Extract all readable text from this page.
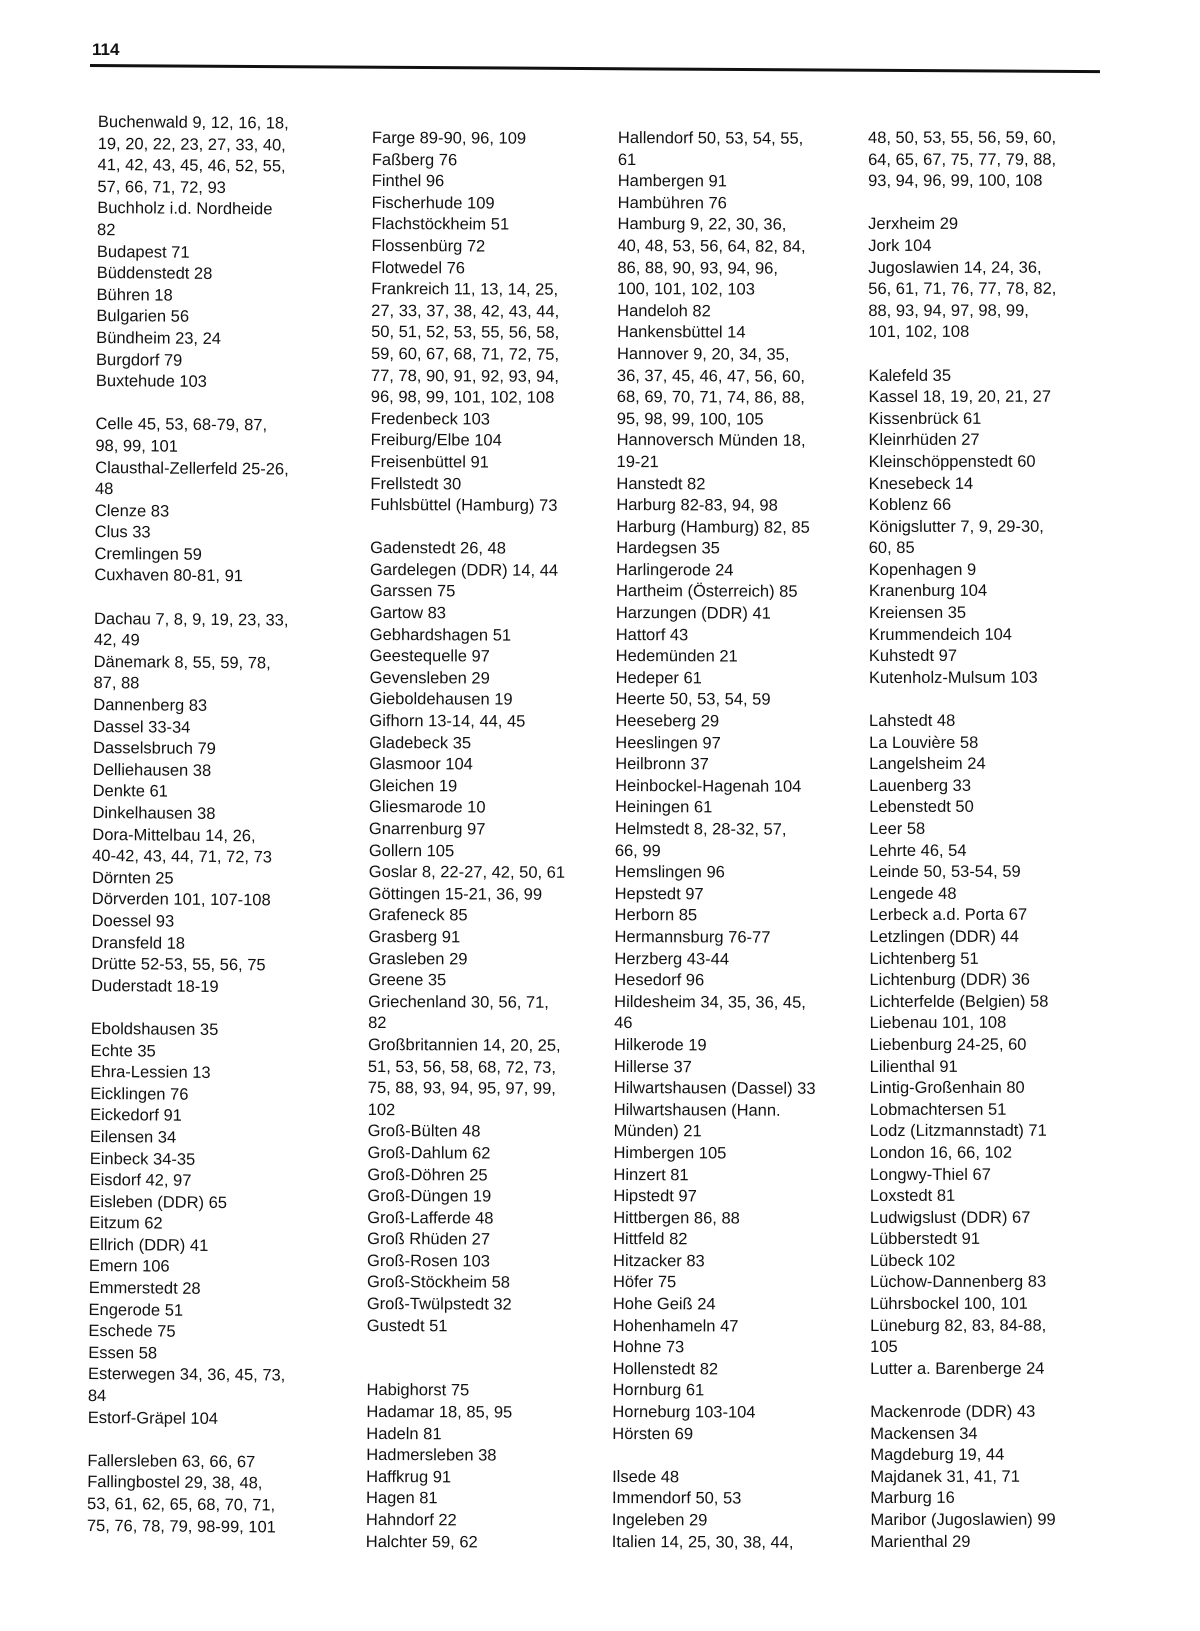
114
Buchenwald 9, 12, 16, 18,
19, 20, 22, 23, 27, 33, 40,
41, 42, 43, 45, 46, 52, 55,
57, 66, 71, 72, 93
Buchholz i.d. Nordheide
82
Budapest 71
Büddenstedt 28
Bühren 18
Bulgarien 56
Bündheim 23, 24
Burgdorf 79
Buxtehude 103
Celle 45, 53, 68-79, 87,
98, 99, 101
Clausthal-Zellerfeld 25-26,
48
Clenze 83
Clus 33
Cremlingen 59
Cuxhaven 80-81, 91
Dachau 7, 8, 9, 19, 23, 33,
42, 49
Dänemark 8, 55, 59, 78,
87, 88
Dannenberg 83
Dassel 33-34
Dasselsbruch 79
Delliehausen 38
Denkte 61
Dinkelhausen 38
Dora-Mittelbau 14, 26,
40-42, 43, 44, 71, 72, 73
Dörnten 25
Dörverden 101, 107-108
Doessel 93
Dransfeld 18
Drütte 52-53, 55, 56, 75
Duderstadt 18-19
Eboldshausen 35
Echte 35
Ehra-Lessien 13
Eicklingen 76
Eickedorf 91
Eilensen 34
Einbeck 34-35
Eisdorf 42, 97
Eisleben (DDR) 65
Eitzum 62
Ellrich (DDR) 41
Emern 106
Emmerstedt 28
Engerode 51
Eschede 75
Essen 58
Esterwegen 34, 36, 45, 73,
84
Estorf-Gräpel 104
Fallersleben 63, 66, 67
Fallingbostel 29, 38, 48,
53, 61, 62, 65, 68, 70, 71,
75, 76, 78, 79, 98-99, 101
Farge 89-90, 96, 109
Faßberg 76
Finthel 96
Fischerhude 109
Flachstöckheim 51
Flossenbürg 72
Flotwedel 76
Frankreich 11, 13, 14, 25,
27, 33, 37, 38, 42, 43, 44,
50, 51, 52, 53, 55, 56, 58,
59, 60, 67, 68, 71, 72, 75,
77, 78, 90, 91, 92, 93, 94,
96, 98, 99, 101, 102, 108
Fredenbeck 103
Freiburg/Elbe 104
Freisenbüttel 91
Frellstedt 30
Fuhlsbüttel (Hamburg) 73
Gadenstedt 26, 48
Gardelegen (DDR) 14, 44
Garssen 75
Gartow 83
Gebhardshagen 51
Geestequelle 97
Gevensleben 29
Gieboldehausen 19
Gifhorn 13-14, 44, 45
Gladebeck 35
Glasmoor 104
Gleichen 19
Gliesmarode 10
Gnarrenburg 97
Gollern 105
Goslar 8, 22-27, 42, 50, 61
Göttingen 15-21, 36, 99
Grafeneck 85
Grasberg 91
Grasleben 29
Greene 35
Griechenland 30, 56, 71,
82
Großbritannien 14, 20, 25,
51, 53, 56, 58, 68, 72, 73,
75, 88, 93, 94, 95, 97, 99,
102
Groß-Bülten 48
Groß-Dahlum 62
Groß-Döhren 25
Groß-Düngen 19
Groß-Lafferde 48
Groß Rhüden 27
Groß-Rosen 103
Groß-Stöckheim 58
Groß-Twülpstedt 32
Gustedt 51
Habighorst 75
Hadamar 18, 85, 95
Hadeln 81
Hadmersleben 38
Haffkrug 91
Hagen 81
Hahndorf 22
Halchter 59, 62
Hallendorf 50, 53, 54, 55,
61
Hambergen 91
Hambühren 76
Hamburg 9, 22, 30, 36,
40, 48, 53, 56, 64, 82, 84,
86, 88, 90, 93, 94, 96,
100, 101, 102, 103
Handeloh 82
Hankensbüttel 14
Hannover 9, 20, 34, 35,
36, 37, 45, 46, 47, 56, 60,
68, 69, 70, 71, 74, 86, 88,
95, 98, 99, 100, 105
Hannoversch Münden 18,
19-21
Hanstedt 82
Harburg 82-83, 94, 98
Harburg (Hamburg) 82, 85
Hardegsen 35
Harlingerode 24
Hartheim (Österreich) 85
Harzungen (DDR) 41
Hattorf 43
Hedemünden 21
Hedeper 61
Heerte 50, 53, 54, 59
Heeseberg 29
Heeslingen 97
Heilbronn 37
Heinbockel-Hagenah 104
Heiningen 61
Helmstedt 8, 28-32, 57,
66, 99
Hemslingen 96
Hepstedt 97
Herborn 85
Hermannsburg 76-77
Herzberg 43-44
Hesedorf 96
Hildesheim 34, 35, 36, 45,
46
Hilkerode 19
Hillerse 37
Hilwartshausen (Dassel) 33
Hilwartshausen (Hann.
Münden) 21
Himbergen 105
Hinzert 81
Hipstedt 97
Hittbergen 86, 88
Hittfeld 82
Hitzacker 83
Höfer 75
Hohe Geiß 24
Hohenhameln 47
Hohne 73
Hollenstedt 82
Hornburg 61
Horneburg 103-104
Hörsten 69
Ilsede 48
Immendorf 50, 53
Ingeleben 29
Italien 14, 25, 30, 38, 44,
48, 50, 53, 55, 56, 59, 60,
64, 65, 67, 75, 77, 79, 88,
93, 94, 96, 99, 100, 108
Jerxheim 29
Jork 104
Jugoslawien 14, 24, 36,
56, 61, 71, 76, 77, 78, 82,
88, 93, 94, 97, 98, 99,
101, 102, 108
Kalefeld 35
Kassel 18, 19, 20, 21, 27
Kissenbrück 61
Kleinrhüden 27
Kleinschöppenstedt 60
Knesebeck 14
Koblenz 66
Königslutter 7, 9, 29-30,
60, 85
Kopenhagen 9
Kranenburg 104
Kreiensen 35
Krummendeich 104
Kuhstedt 97
Kutenholz-Mulsum 103
Lahstedt 48
La Louvière 58
Langelsheim 24
Lauenberg 33
Lebenstedt 50
Leer 58
Lehrte 46, 54
Leinde 50, 53-54, 59
Lengede 48
Lerbeck a.d. Porta 67
Letzlingen (DDR) 44
Lichtenberg 51
Lichtenburg (DDR) 36
Lichterfelde (Belgien) 58
Liebenau 101, 108
Liebenburg 24-25, 60
Lilienthal 91
Lintig-Großenhain 80
Lobmachtersen 51
Lodz (Litzmannstadt) 71
London 16, 66, 102
Longwy-Thiel 67
Loxstedt 81
Ludwigslust (DDR) 67
Lübberstedt 91
Lübeck 102
Lüchow-Dannenberg 83
Lührsbockel 100, 101
Lüneburg 82, 83, 84-88,
105
Lutter a. Barenberge 24
Mackenrode (DDR) 43
Mackensen 34
Magdeburg 19, 44
Majdanek 31, 41, 71
Marburg 16
Maribor (Jugoslawien) 99
Marienthal 29
